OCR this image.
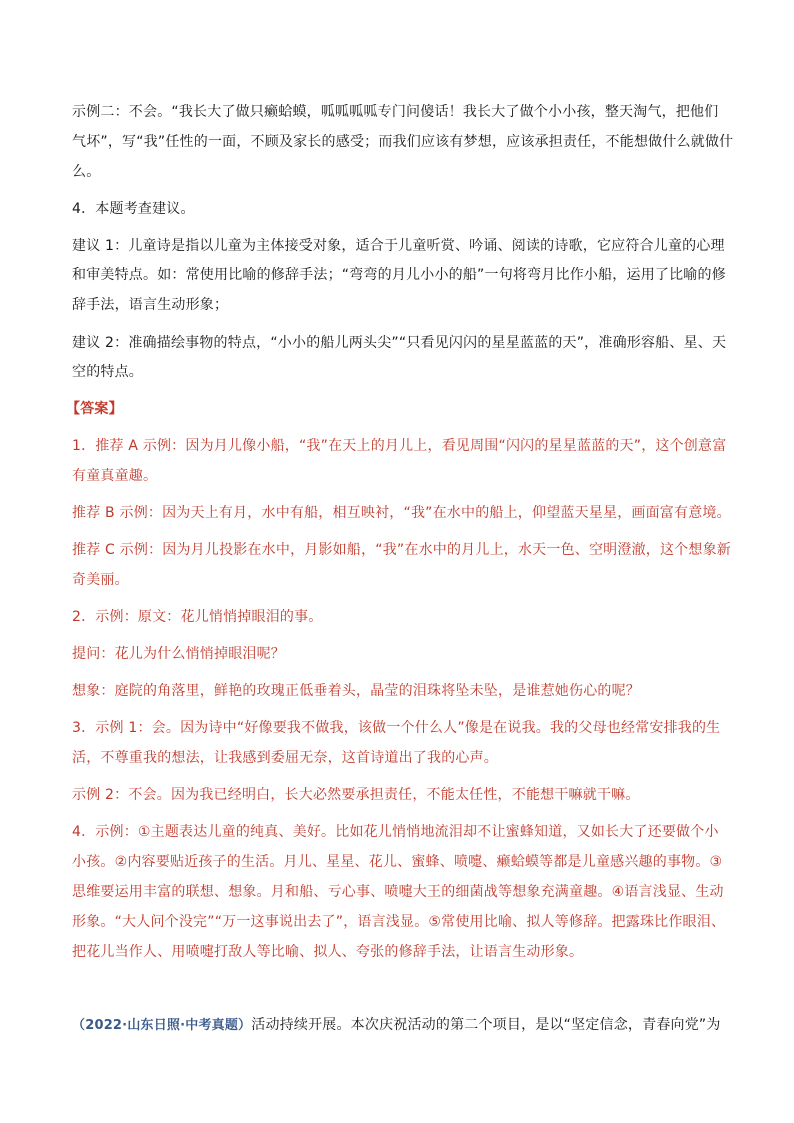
示例二：不会。“我长大了做只癞蛤蟆，呱呱呱呱专门问傻话！我长大了做个小小孩，整天淘气，把他们
气坏”，写“我”任性的一面，不顾及家长的感受；而我们应该有梦想，应该承担责任，不能想做什么就做什
么。
4．本题考查建议。
建议 1：儿童诗是指以儿童为主体接受对象，适合于儿童听赏、吟诵、阅读的诗歌，它应符合儿童的心理
和审美特点。如：常使用比喻的修辞手法；“弯弯的月儿小小的船”一句将弯月比作小船，运用了比喻的修
辞手法，语言生动形象；
建议 2：准确描绘事物的特点，“小小的船儿两头尖”“只看见闪闪的星星蓝蓝的天”，准确形容船、星、天
空的特点。
【答案】
1．推荐 A 示例：因为月儿像小船，“我”在天上的月儿上，看见周围“闪闪的星星蓝蓝的天”，这个创意富
有童真童趣。
推荐 B 示例：因为天上有月，水中有船，相互映衬，“我”在水中的船上，仰望蓝天星星，画面富有意境。
推荐 C 示例：因为月儿投影在水中，月影如船，“我”在水中的月儿上，水天一色、空明澄澈，这个想象新
奇美丽。
2．示例：原文：花儿悄悄掉眼泪的事。
提问：花儿为什么悄悄掉眼泪呢？
想象：庭院的角落里，鲜艳的玫瑰正低垂着头，晶莹的泪珠将坠未坠，是谁惹她伤心的呢？
3．示例 1：会。因为诗中“好像要我不做我，该做一个什么人”像是在说我。我的父母也经常安排我的生
活，不尊重我的想法，让我感到委屈无奈，这首诗道出了我的心声。
示例 2：不会。因为我已经明白，长大必然要承担责任，不能太任性，不能想干嘛就干嘛。
4．示例：①主题表达儿童的纯真、美好。比如花儿悄悄地流泪却不让蜜蜂知道，又如长大了还要做个小
小孩。②内容要贴近孩子的生活。月儿、星星、花儿、蜜蜂、喷嚏、癞蛤蟆等都是儿童感兴趣的事物。③
思维要运用丰富的联想、想象。月和船、亏心事、喷嚏大王的细菌战等想象充满童趣。④语言浅显、生动
形象。“大人问个没完”“万一这事说出去了”，语言浅显。⑤常使用比喻、拟人等修辞。把露珠比作眼泪、
把花儿当作人、用喷嚏打敌人等比喻、拟人、夸张的修辞手法，让语言生动形象。
（2022·山东日照·中考真题）活动持续开展。本次庆祝活动的第二个项目，是以“坚定信念，青春向党”为
